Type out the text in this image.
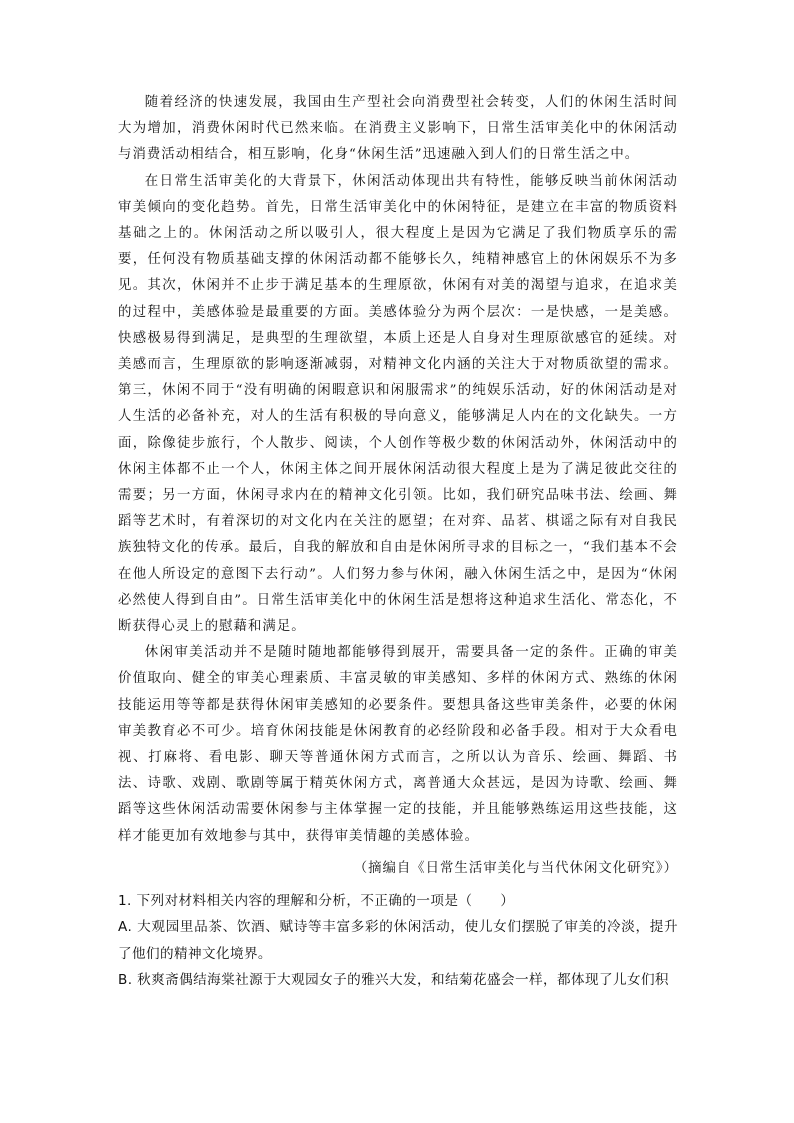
随着经济的快速发展，我国由生产型社会向消费型社会转变，人们的休闲生活时间大为增加，消费休闲时代已然来临。在消费主义影响下，日常生活审美化中的休闲活动与消费活动相结合，相互影响，化身“休闲生活”迅速融入到人们的日常生活之中。

在日常生活审美化的大背景下，休闲活动体现出共有特性，能够反映当前休闲活动审美倾向的变化趋势。首先，日常生活审美化中的休闲特征，是建立在丰富的物质资料基础之上的。休闲活动之所以吸引人，很大程度上是因为它满足了我们物质享乐的需要，任何没有物质基础支撑的休闲活动都不能够长久，纯精神感官上的休闲娱乐不为多见。其次，休闲并不止步于满足基本的生理原欲，休闲有对美的渴望与追求，在追求美的过程中，美感体验是最重要的方面。美感体验分为两个层次：一是快感，一是美感。快感极易得到满足，是典型的生理欲望，本质上还是人自身对生理原欲感官的延续。对美感而言，生理原欲的影响逐渐减弱，对精神文化内涵的关注大于对物质欲望的需求。第三，休闲不同于“没有明确的闲暇意识和闲服需求”的纯娱乐活动，好的休闲活动是对人生活的必备补充，对人的生活有积极的导向意义，能够满足人内在的文化缺失。一方面，除像徒步旅行，个人散步、阅读，个人创作等极少数的休闲活动外，休闲活动中的休闲主体都不止一个人，休闲主体之间开展休闲活动很大程度上是为了满足彼此交往的需要；另一方面，休闲寻求内在的精神文化引领。比如，我们研究品味书法、绘画、舞蹈等艺术时，有着深切的对文化内在关注的愿望；在对弈、品茗、棋谣之际有对自我民族独特文化的传承。最后，自我的解放和自由是休闲所寻求的目标之一，“我们基本不会在他人所设定的意图下去行动”。人们努力参与休闲，融入休闲生活之中，是因为“休闲必然使人得到自由”。日常生活审美化中的休闲生活是想将这种追求生活化、常态化，不断获得心灵上的慰藉和满足。

休闲审美活动并不是随时随地都能够得到展开，需要具备一定的条件。正确的审美价值取向、健全的审美心理素质、丰富灵敏的审美感知、多样的休闲方式、熟练的休闲技能运用等等都是获得休闲审美感知的必要条件。要想具备这些审美条件，必要的休闲审美教育必不可少。培育休闲技能是休闲教育的必经阶段和必备手段。相对于大众看电视、打麻将、看电影、聊天等普通休闲方式而言，之所以认为音乐、绘画、舞蹈、书法、诗歌、戏剧、歌剧等属于精英休闲方式，离普通大众甚远，是因为诗歌、绘画、舞蹈等这些休闲活动需要休闲参与主体掌握一定的技能，并且能够熟练运用这些技能，这样才能更加有效地参与其中，获得审美情趣的美感体验。

（摘编自《日常生活审美化与当代休闲文化研究》）

1. 下列对材料相关内容的理解和分析，不正确的一项是（　　）

A. 大观园里品茶、饮酒、赋诗等丰富多彩的休闲活动，使儿女们摆脱了审美的冷淡，提升了他们的精神文化境界。

B. 秋爽斋偶结海棠社源于大观园女子的雅兴大发，和结菊花盛会一样，都体现了儿女们积
